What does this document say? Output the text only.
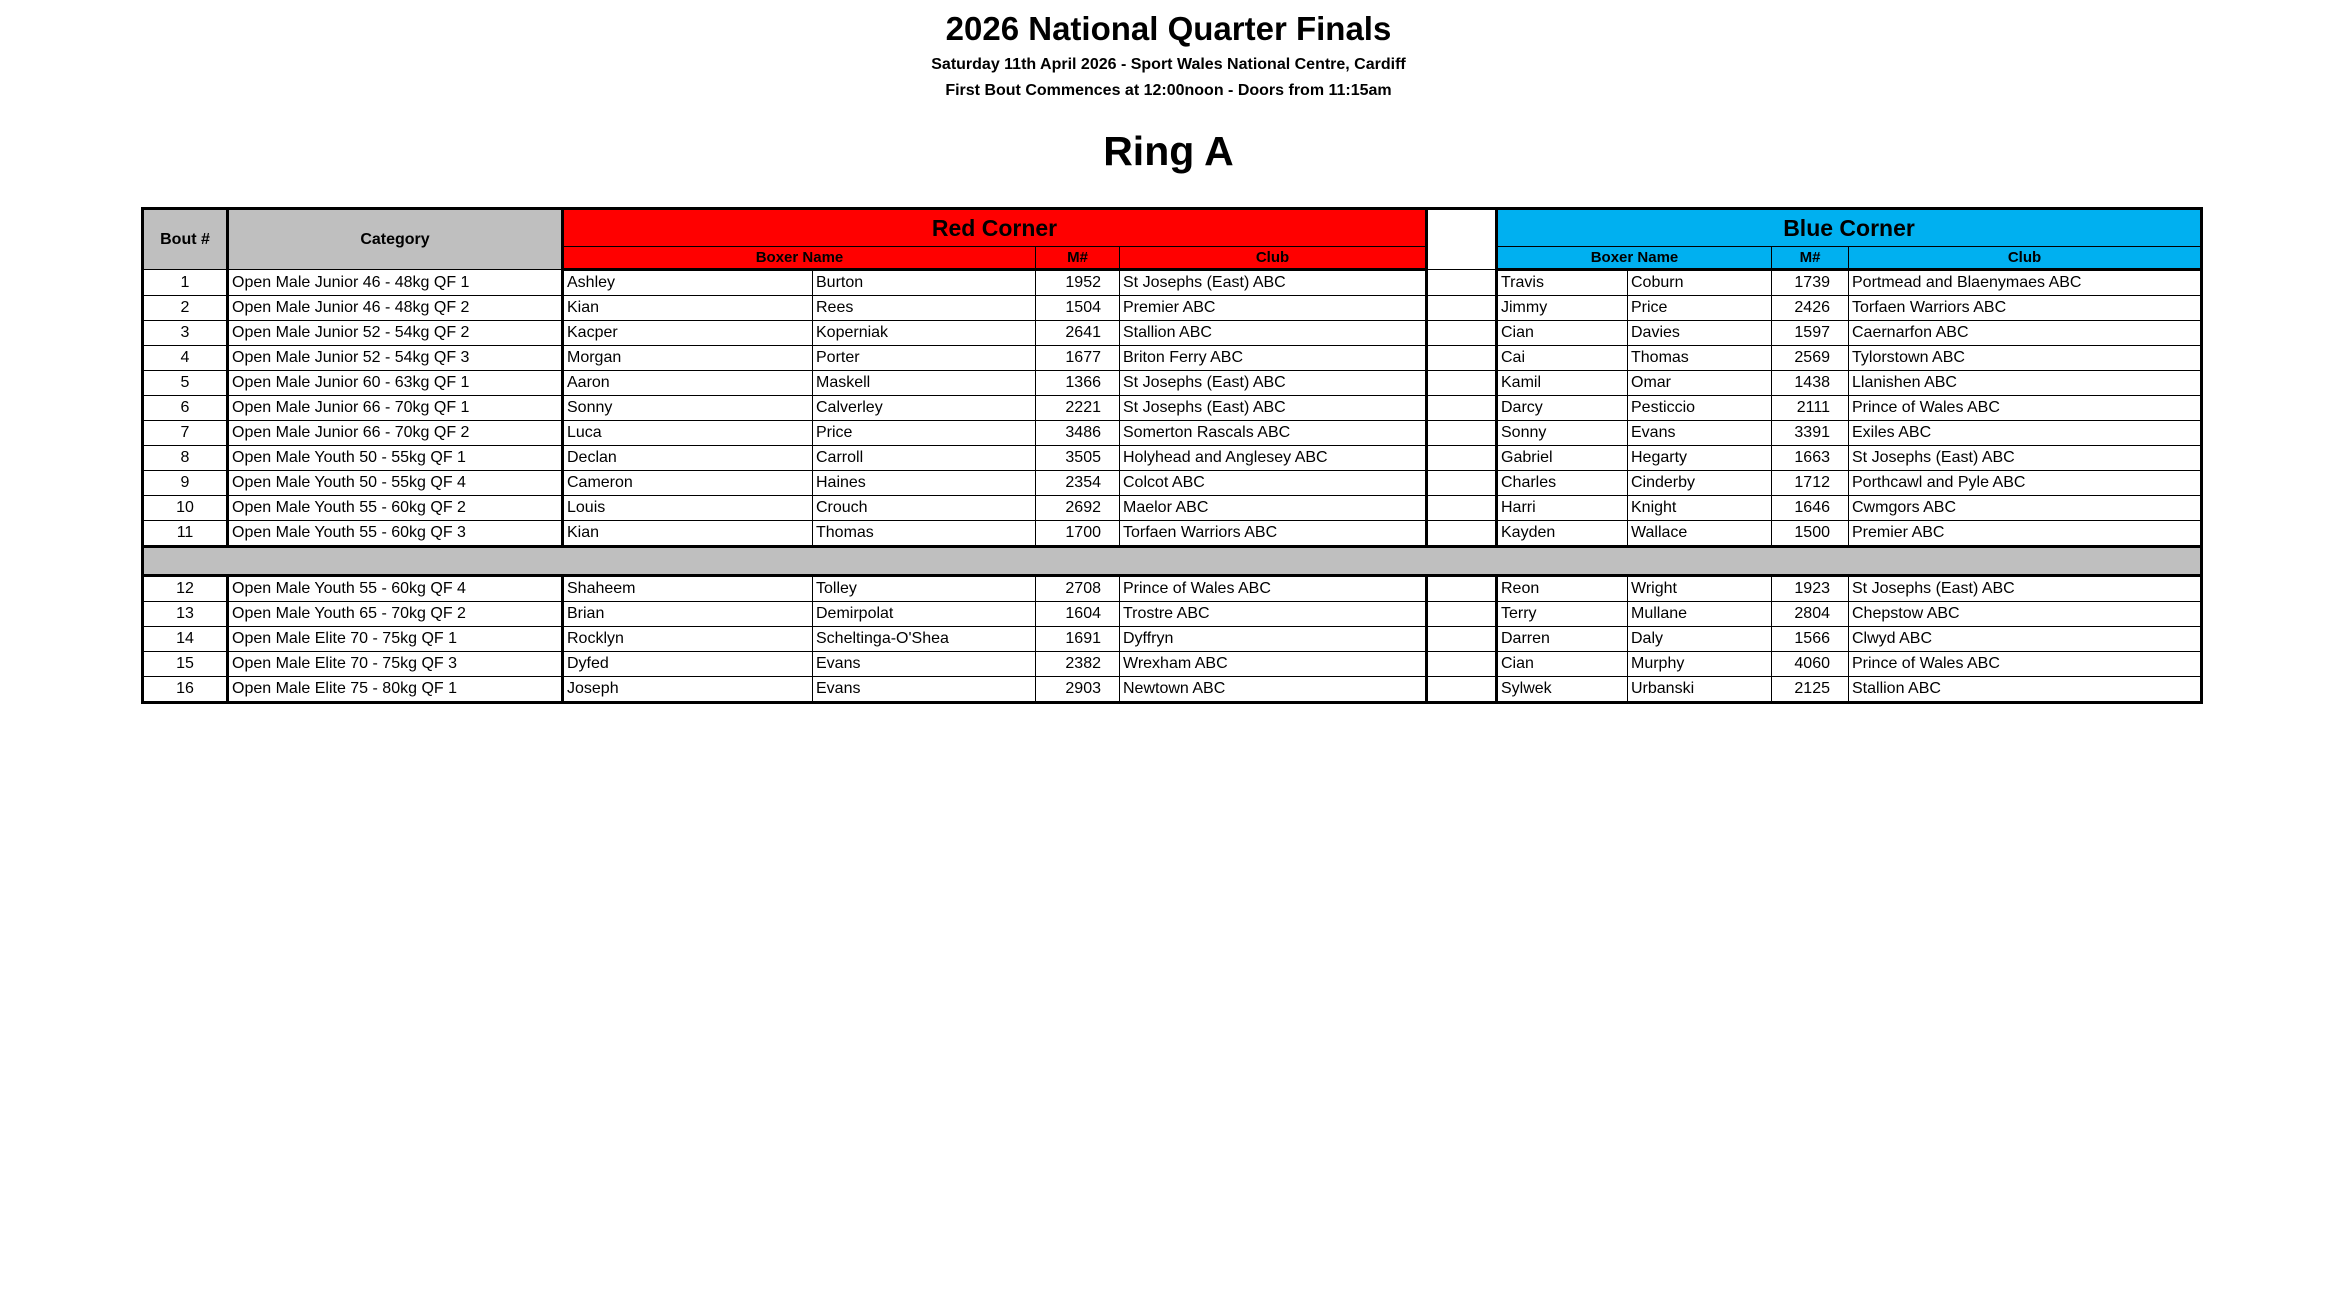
2026 National Quarter Finals
Saturday 11th April 2026 - Sport Wales National Centre, Cardiff
First Bout Commences at 12:00noon - Doors from 11:15am
Ring A
Bout #	Category	Red Corner					Blue Corner			
		Boxer Name		M#	Club		Boxer Name		M#	Club
1	Open Male Junior 46 - 48kg QF 1	Ashley	Burton	1952	St Josephs (East) ABC		Travis	Coburn	1739	Portmead and Blaenymaes ABC
2	Open Male Junior 46 - 48kg QF 2	Kian	Rees	1504	Premier ABC		Jimmy	Price	2426	Torfaen Warriors ABC
3	Open Male Junior 52 - 54kg QF 2	Kacper	Koperniak	2641	Stallion ABC		Cian	Davies	1597	Caernarfon ABC
4	Open Male Junior 52 - 54kg QF 3	Morgan	Porter	1677	Briton Ferry ABC		Cai	Thomas	2569	Tylorstown ABC
5	Open Male Junior 60 - 63kg QF 1	Aaron	Maskell	1366	St Josephs (East) ABC		Kamil	Omar	1438	Llanishen ABC
6	Open Male Junior 66 - 70kg QF 1	Sonny	Calverley	2221	St Josephs (East) ABC		Darcy	Pesticcio	2111	Prince of Wales ABC
7	Open Male Junior 66 - 70kg QF 2	Luca	Price	3486	Somerton Rascals ABC		Sonny	Evans	3391	Exiles ABC
8	Open Male Youth 50 - 55kg QF 1	Declan	Carroll	3505	Holyhead and Anglesey ABC		Gabriel	Hegarty	1663	St Josephs (East) ABC
9	Open Male Youth 50 - 55kg QF 4	Cameron	Haines	2354	Colcot ABC		Charles	Cinderby	1712	Porthcawl and Pyle ABC
10	Open Male Youth 55 - 60kg QF 2	Louis	Crouch	2692	Maelor ABC		Harri	Knight	1646	Cwmgors ABC
11	Open Male Youth 55 - 60kg QF 3	Kian	Thomas	1700	Torfaen Warriors ABC		Kayden	Wallace	1500	Premier ABC

12	Open Male Youth 55 - 60kg QF 4	Shaheem	Tolley	2708	Prince of Wales ABC		Reon	Wright	1923	St Josephs (East) ABC
13	Open Male Youth 65 - 70kg QF 2	Brian	Demirpolat	1604	Trostre ABC		Terry	Mullane	2804	Chepstow ABC
14	Open Male Elite 70 - 75kg QF 1	Rocklyn	Scheltinga-O'Shea	1691	Dyffryn		Darren	Daly	1566	Clwyd ABC
15	Open Male Elite 70 - 75kg QF 3	Dyfed	Evans	2382	Wrexham ABC		Cian	Murphy	4060	Prince of Wales ABC
16	Open Male Elite 75 - 80kg QF 1	Joseph	Evans	2903	Newtown ABC		Sylwek	Urbanski	2125	Stallion ABC
